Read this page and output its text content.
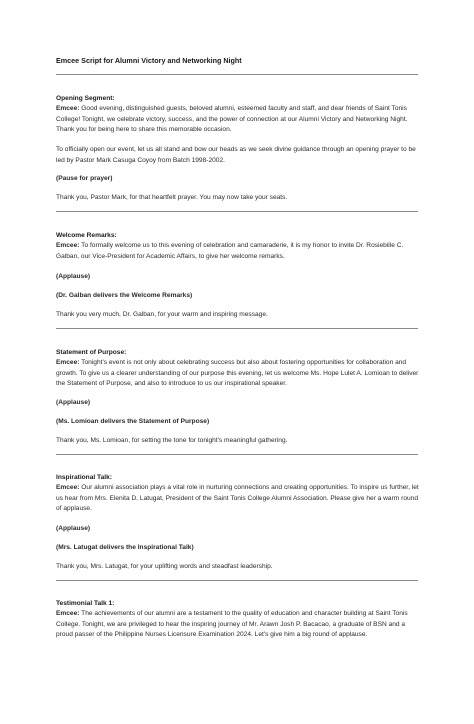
Emcee Script for Alumni Victory and Networking Night

Opening Segment:

Emcee: Good evening, distinguished guests, beloved alumni, esteemed faculty and staff, and dear friends of Saint Tonis College! Tonight, we celebrate victory, success, and the power of connection at our Alumni Victory and Networking Night. Thank you for being here to share this memorable occasion.

To officially open our event, let us all stand and bow our heads as we seek divine guidance through an opening prayer to be led by Pastor Mark Casuga Coyoy from Batch 1998-2002.

(Pause for prayer)

Thank you, Pastor Mark, for that heartfelt prayer. You may now take your seats.

Welcome Remarks:

Emcee: To formally welcome us to this evening of celebration and camaraderie, it is my honor to invite Dr. Rosiebille C. Galban, our Vice-President for Academic Affairs, to give her welcome remarks.

(Applause)

(Dr. Galban delivers the Welcome Remarks)

Thank you very much, Dr. Galban, for your warm and inspiring message.

Statement of Purpose:

Emcee: Tonight's event is not only about celebrating success but also about fostering opportunities for collaboration and growth. To give us a clearer understanding of our purpose this evening, let us welcome Ms. Hope Lulet A. Lomioan to deliver the Statement of Purpose, and also to introduce to us our inspirational speaker.

(Applause)

(Ms. Lomioan delivers the Statement of Purpose)

Thank you, Ms. Lomioan, for setting the tone for tonight's meaningful gathering.

Inspirational Talk:

Emcee: Our alumni association plays a vital role in nurturing connections and creating opportunities. To inspire us further, let us hear from Mrs. Elenita D. Latugat, President of the Saint Tonis College Alumni Association. Please give her a warm round of applause.

(Applause)

(Mrs. Latugat delivers the Inspirational Talk)

Thank you, Mrs. Latugat, for your uplifting words and steadfast leadership.

Testimonial Talk 1:

Emcee: The achievements of our alumni are a testament to the quality of education and character building at Saint Tonis College. Tonight, we are privileged to hear the inspiring journey of Mr. Arawn Josh P. Bacacao, a graduate of BSN and a proud passer of the Philippine Nurses Licensure Examination 2024. Let's give him a big round of applause.
